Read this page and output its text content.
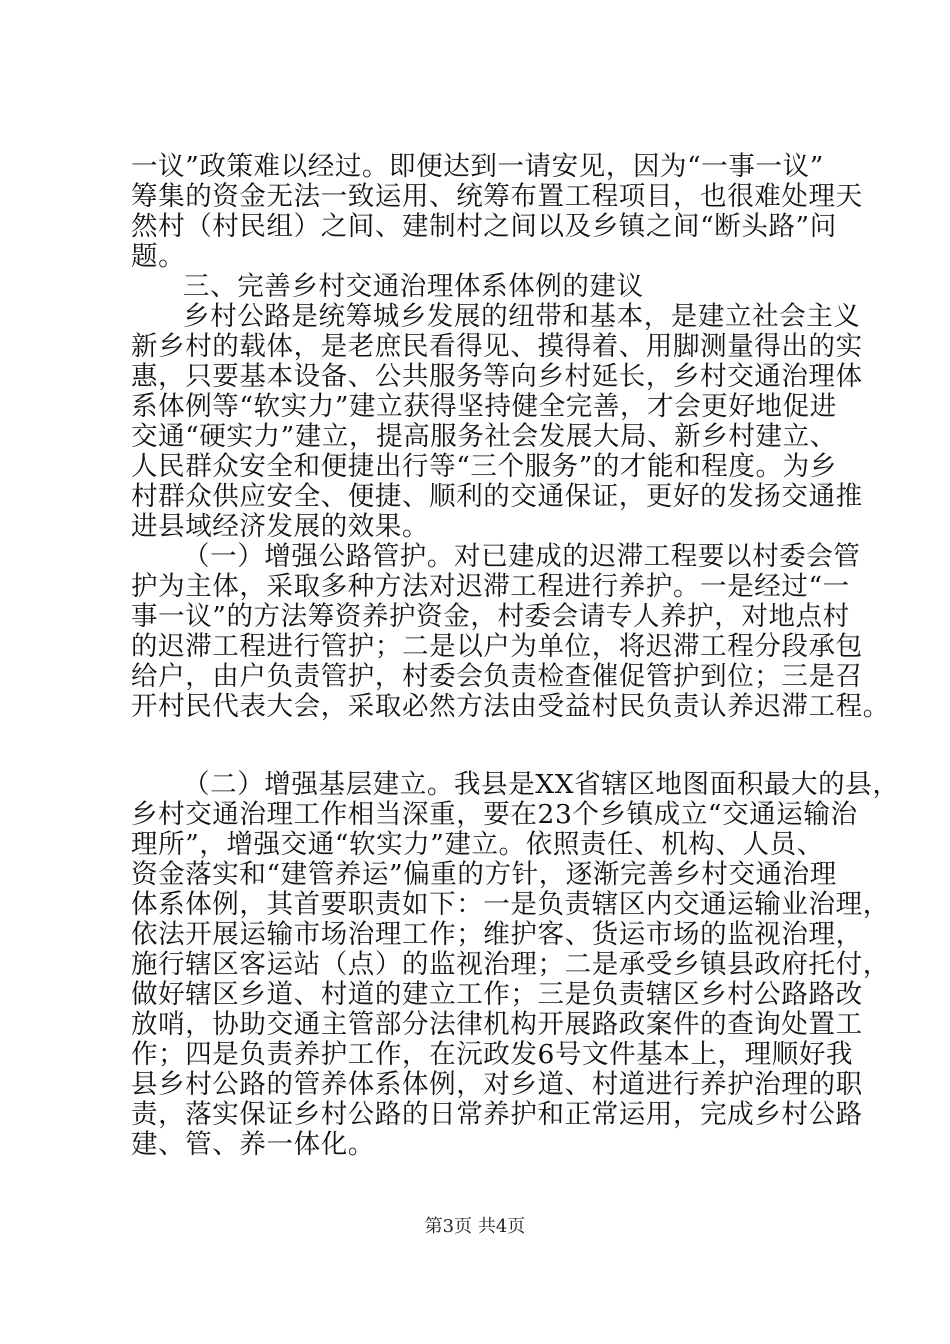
一议”政策难以经过。即便达到一请安见，因为“一事一议”
筹集的资金无法一致运用、统筹布置工程项目，也很难处理天
然村（村民组）之间、建制村之间以及乡镇之间“断头路”问
题。
三、完善乡村交通治理体系体例的建议
乡村公路是统筹城乡发展的纽带和基本，是建立社会主义
新乡村的载体，是老庶民看得见、摸得着、用脚测量得出的实
惠，只要基本设备、公共服务等向乡村延长，乡村交通治理体
系体例等“软实力”建立获得坚持健全完善，才会更好地促进
交通“硬实力”建立，提高服务社会发展大局、新乡村建立、
人民群众安全和便捷出行等“三个服务”的才能和程度。为乡
村群众供应安全、便捷、顺利的交通保证，更好的发扬交通推
进县域经济发展的效果。
（一）增强公路管护。对已建成的迟滞工程要以村委会管
护为主体，采取多种方法对迟滞工程进行养护。一是经过“一
事一议”的方法筹资养护资金，村委会请专人养护，对地点村
的迟滞工程进行管护；二是以户为单位，将迟滞工程分段承包
给户，由户负责管护，村委会负责检查催促管护到位；三是召
开村民代表大会，采取必然方法由受益村民负责认养迟滞工程。
（二）增强基层建立。我县是XX省辖区地图面积最大的县，
乡村交通治理工作相当深重，要在23个乡镇成立“交通运输治
理所”，增强交通“软实力”建立。依照责任、机构、人员、
资金落实和“建管养运”偏重的方针，逐渐完善乡村交通治理
体系体例，其首要职责如下：一是负责辖区内交通运输业治理，
依法开展运输市场治理工作；维护客、货运市场的监视治理，
施行辖区客运站（点）的监视治理；二是承受乡镇县政府托付，
做好辖区乡道、村道的建立工作；三是负责辖区乡村公路路改
放哨，协助交通主管部分法律机构开展路政案件的查询处置工
作；四是负责养护工作，在沅政发6号文件基本上，理顺好我
县乡村公路的管养体系体例，对乡道、村道进行养护治理的职
责，落实保证乡村公路的日常养护和正常运用，完成乡村公路
建、管、养一体化。
第3页 共4页
